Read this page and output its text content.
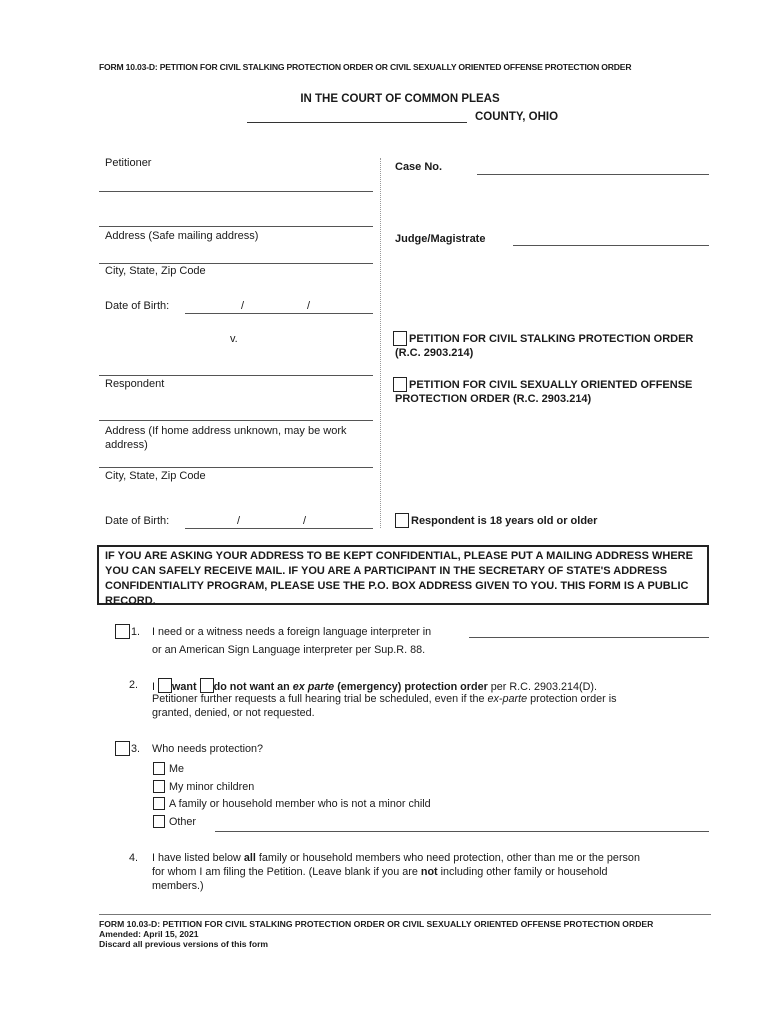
FORM 10.03-D: PETITION FOR CIVIL STALKING PROTECTION ORDER OR CIVIL SEXUALLY ORIENTED OFFENSE PROTECTION ORDER
IN THE COURT OF COMMON PLEAS
COUNTY, OHIO
Petitioner
Address (Safe mailing address)
City, State, Zip Code
Date of Birth:	/	/
v.
Respondent
Address (If home address unknown, may be work address)
City, State, Zip Code
Date of Birth:	/	/
Case No.
Judge/Magistrate
PETITION FOR CIVIL STALKING PROTECTION ORDER (R.C. 2903.214)
PETITION FOR CIVIL SEXUALLY ORIENTED OFFENSE PROTECTION ORDER (R.C. 2903.214)
Respondent is 18 years old or older
IF YOU ARE ASKING YOUR ADDRESS TO BE KEPT CONFIDENTIAL, PLEASE PUT A MAILING ADDRESS WHERE YOU CAN SAFELY RECEIVE MAIL. IF YOU ARE A PARTICIPANT IN THE SECRETARY OF STATE'S ADDRESS CONFIDENTIALITY PROGRAM, PLEASE USE THE P.O. BOX ADDRESS GIVEN TO YOU. THIS FORM IS A PUBLIC RECORD.
1. I need or a witness needs a foreign language interpreter in
or an American Sign Language interpreter per Sup.R. 88.
2. I want do not want an ex parte (emergency) protection order per R.C. 2903.214(D).
Petitioner further requests a full hearing trial be scheduled, even if the ex-parte protection order is
granted, denied, or not requested.
3. Who needs protection?
Me
My minor children
A family or household member who is not a minor child
Other
4. I have listed below all family or household members who need protection, other than me or the person
for whom I am filing the Petition. (Leave blank if you are not including other family or household
members.)
FORM 10.03-D: PETITION FOR CIVIL STALKING PROTECTION ORDER OR CIVIL SEXUALLY ORIENTED OFFENSE PROTECTION ORDER
Amended: April 15, 2021
Discard all previous versions of this form
